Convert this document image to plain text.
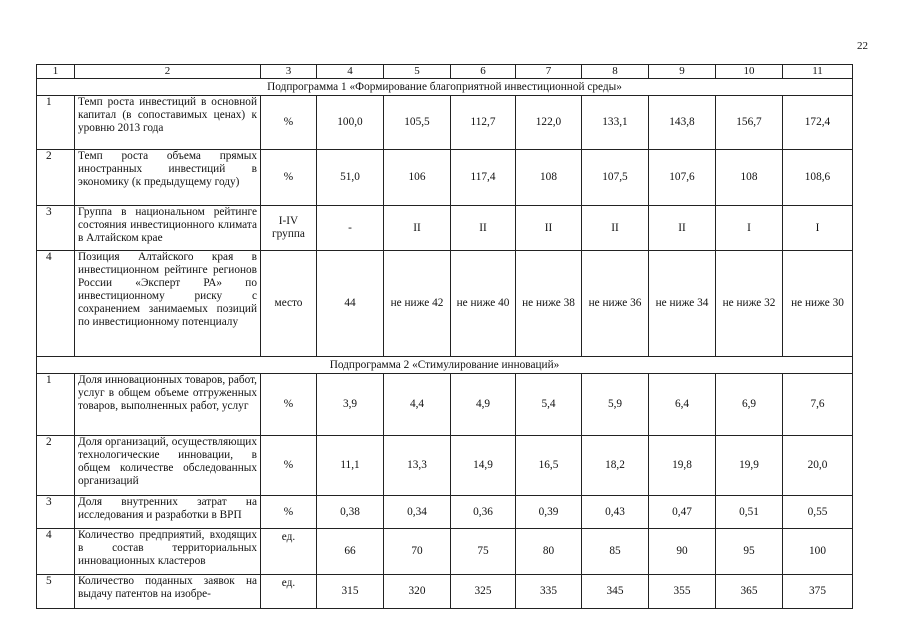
22
1	2	3	4	5	6	7	8	9	10	11
Подпрограмма 1 «Формирование благоприятной инвестиционной среды»										
1	Темп роста инвестиций в основной капитал (в сопоставимых ценах) к уровню 2013 года	%	100,0	105,5	112,7	122,0	133,1	143,8	156,7	172,4
2	Темп роста объема прямых иностранных инвестиций в экономику (к предыдущему году)	%	51,0	106	117,4	108	107,5	107,6	108	108,6
3	Группа в национальном рейтинге состояния инвестиционного климата в Алтайском крае	I-IV группа	-	II	II	II	II	II	I	I
4	Позиция Алтайского края в инвестиционном рейтинге регионов России «Эксперт РА» по инвестиционному риску с сохранением занимаемых позиций по инвестиционному потенциалу	место	44	не ниже 42	не ниже 40	не ниже 38	не ниже 36	не ниже 34	не ниже 32	не ниже 30
Подпрограмма 2 «Стимулирование инноваций»										
1	Доля инновационных товаров, работ, услуг в общем объеме отгруженных товаров, выполненных работ, услуг	%	3,9	4,4	4,9	5,4	5,9	6,4	6,9	7,6
2	Доля организаций, осуществляющих технологические инновации, в общем количестве обследованных организаций	%	11,1	13,3	14,9	16,5	18,2	19,8	19,9	20,0
3	Доля внутренних затрат на исследования и разработки в ВРП	%	0,38	0,34	0,36	0,39	0,43	0,47	0,51	0,55
4	Количество предприятий, входящих в состав территориальных инновационных кластеров	ед.	66	70	75	80	85	90	95	100
5	Количество поданных заявок на выдачу патентов на изобре-	ед.	315	320	325	335	345	355	365	375
